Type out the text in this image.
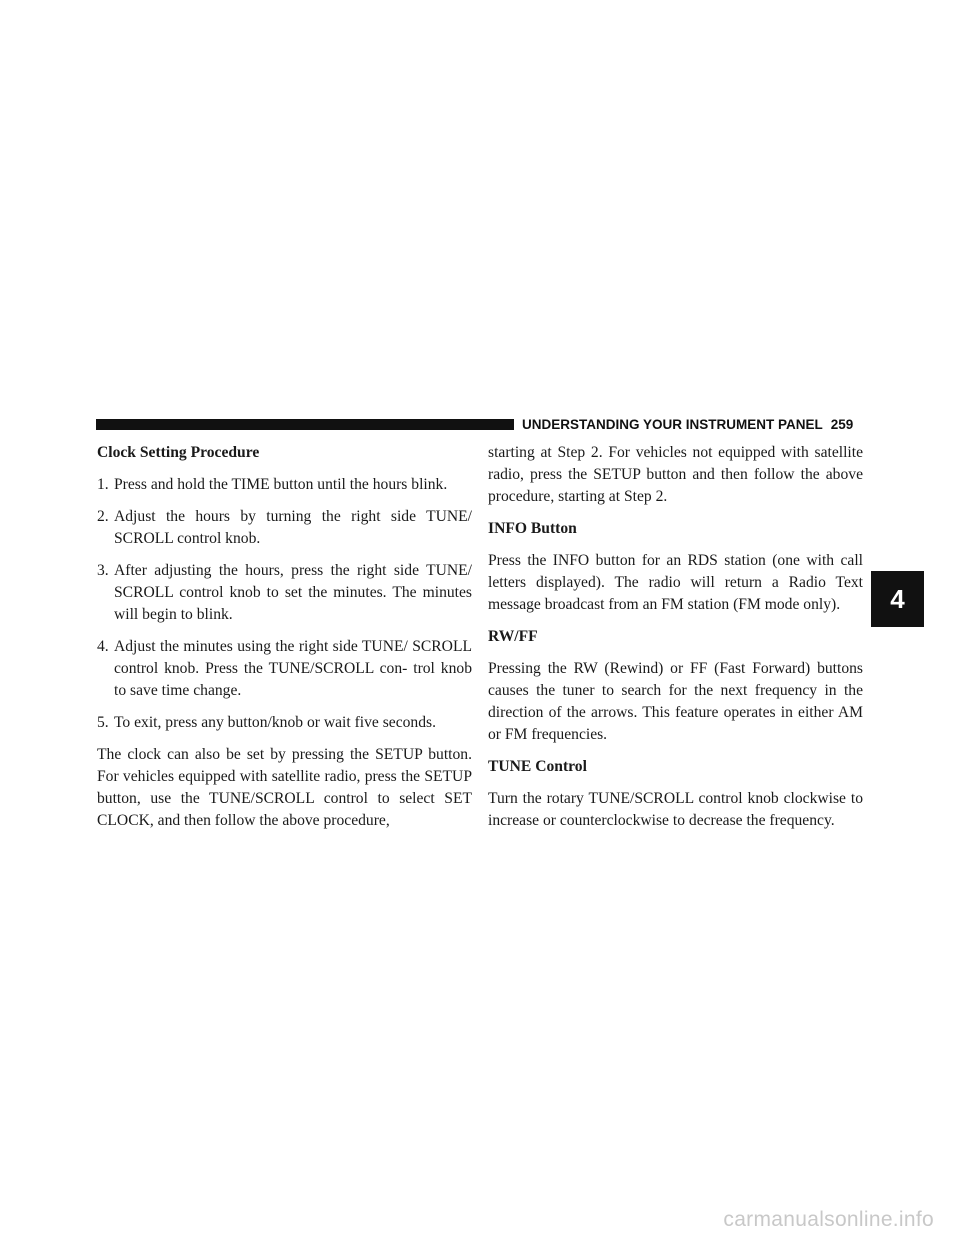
UNDERSTANDING YOUR INSTRUMENT PANEL 259
Clock Setting Procedure
1. Press and hold the TIME button until the hours blink.
2. Adjust the hours by turning the right side TUNE/ SCROLL control knob.
3. After adjusting the hours, press the right side TUNE/ SCROLL control knob to set the minutes. The minutes will begin to blink.
4. Adjust the minutes using the right side TUNE/ SCROLL control knob. Press the TUNE/SCROLL con- trol knob to save time change.
5. To exit, press any button/knob or wait five seconds.

The clock can also be set by pressing the SETUP button. For vehicles equipped with satellite radio, press the SETUP button, use the TUNE/SCROLL control to select SET CLOCK, and then follow the above procedure,

starting at Step 2. For vehicles not equipped with satellite radio, press the SETUP button and then follow the above procedure, starting at Step 2.

INFO Button

Press the INFO button for an RDS station (one with call letters displayed). The radio will return a Radio Text message broadcast from an FM station (FM mode only).

RW/FF

Pressing the RW (Rewind) or FF (Fast Forward) buttons causes the tuner to search for the next frequency in the direction of the arrows. This feature operates in either AM or FM frequencies.

TUNE Control

Turn the rotary TUNE/SCROLL control knob clockwise to increase or counterclockwise to decrease the frequency.

4
carmanualsonline.info
